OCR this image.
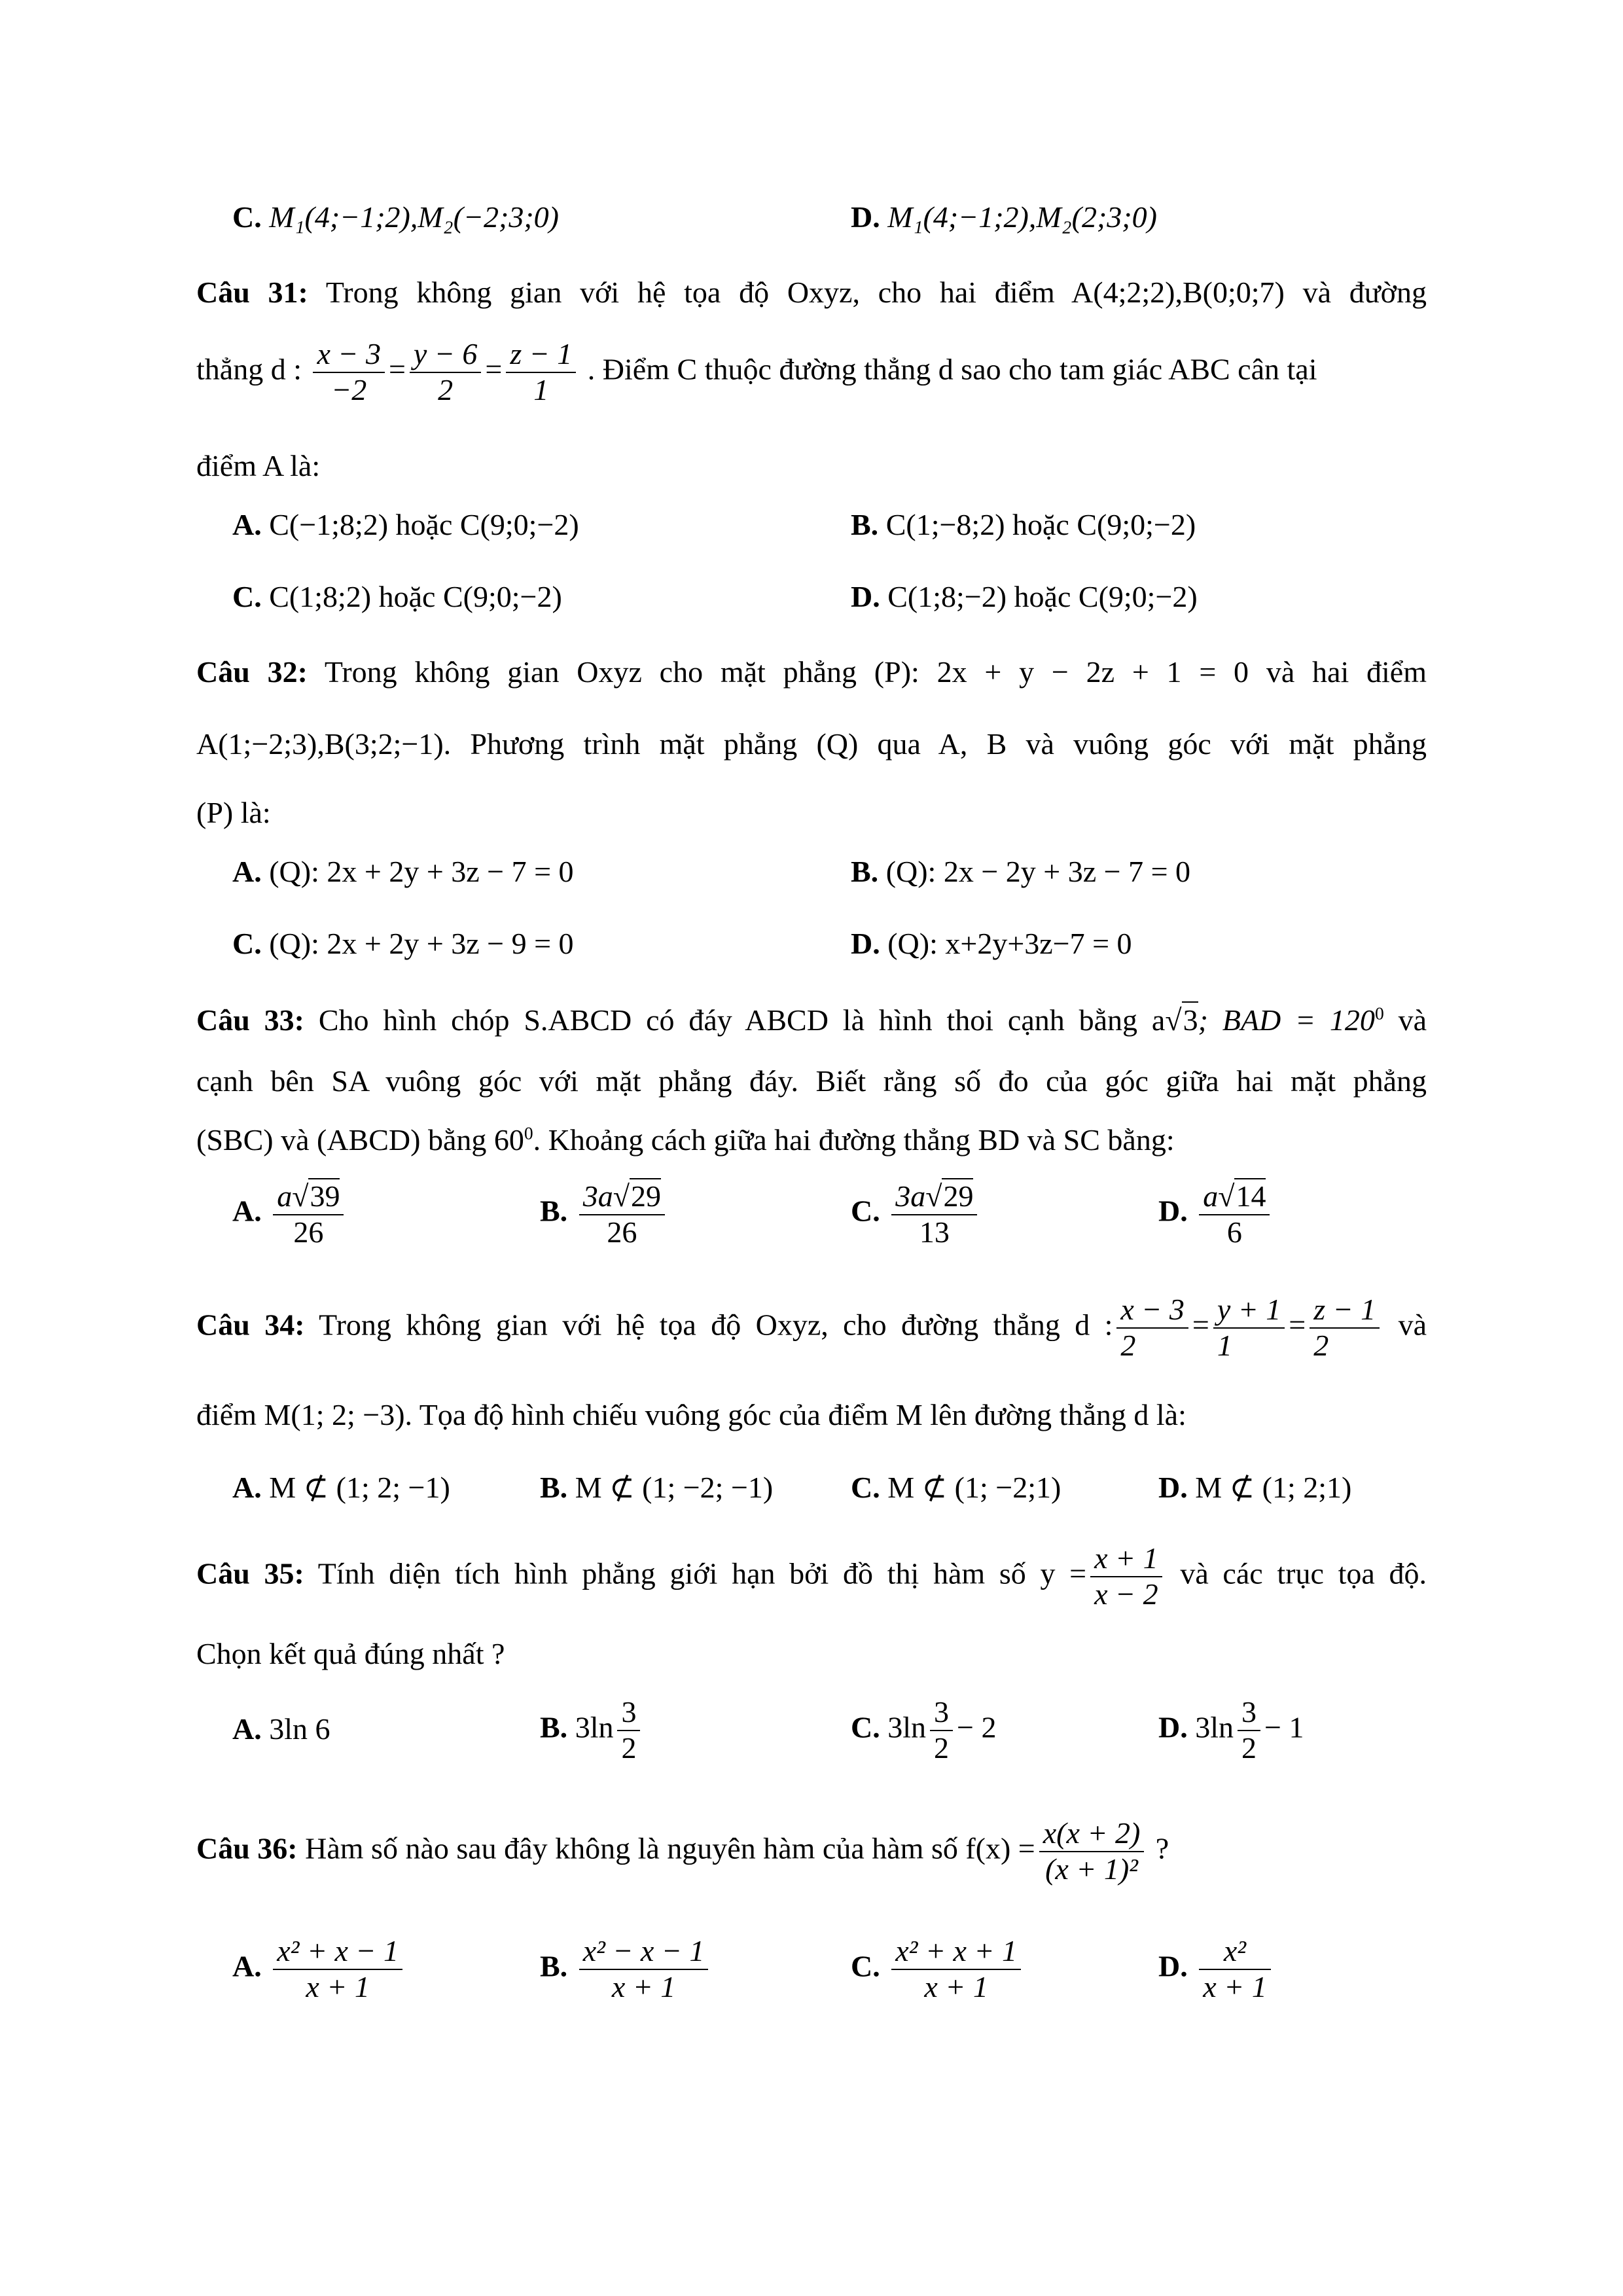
C. M₁(4;−1;2),M₂(−2;3;0)	D. M₁(4;−1;2),M₂(2;3;0)
Câu 31: Trong không gian với hệ tọa độ Oxyz, cho hai điểm A(4;2;2),B(0;0;7) và đường
thẳng d : $\frac{x - 3}{-2} = \frac{y - 6}{2} = \frac{z - 1}{1}$ . Điểm C thuộc đường thẳng d sao cho tam giác ABC cân tại
điểm A là:
A. C(−1;8;2) hoặc C(9;0;−2)	B. C(1;−8;2) hoặc C(9;0;−2)
C. C(1;8;2) hoặc C(9;0;−2)	D. C(1;8;−2) hoặc C(9;0;−2)
Câu 32: Trong không gian Oxyz cho mặt phẳng (P): 2x + y − 2z + 1 = 0 và hai điểm
A(1;−2;3),B(3;2;−1). Phương trình mặt phẳng (Q) qua A, B và vuông góc với mặt phẳng
(P) là:
A. (Q): 2x + 2y + 3z − 7 = 0	B. (Q): 2x − 2y + 3z − 7 = 0
C. (Q): 2x + 2y + 3z − 9 = 0	D. (Q): x+2y+3z−7 = 0
Câu 33: Cho hình chóp S.ABCD có đáy ABCD là hình thoi cạnh bằng a√3; BAD = $120^0$ và
cạnh bên SA vuông góc với mặt phẳng đáy. Biết rằng số đo của góc giữa hai mặt phẳng
(SBC) và (ABCD) bằng $60^0$. Khoảng cách giữa hai đường thẳng BD và SC bằng:
A. $\frac{a√39}{26}$	B. $\frac{3a√29}{26}$	C. $\frac{3a√29}{13}$	D. $\frac{a√14}{6}$
Câu 34: Trong không gian với hệ tọa độ Oxyz, cho đường thẳng d : $\frac{x - 3}{2} = \frac{y + 1}{1} = \frac{z - 1}{2}$ và
điểm M(1; 2; −3). Tọa độ hình chiếu vuông góc của điểm M lên đường thẳng d là:
A. M ⊄ (1; 2; −1)	B. M ⊄ (1; −2; −1)	C. M ⊄ (1; −2;1)	D. M ⊄ (1; 2;1)
Câu 35: Tính diện tích hình phẳng giới hạn bởi đồ thị hàm số $y = \frac{x + 1}{x - 2}$ và các trục tọa độ.
Chọn kết quả đúng nhất ?
A. 3ln 6	B. $3\ln \frac{3}{2}$	C. $3\ln \frac{3}{2} - 2$	D. $3\ln \frac{3}{2} - 1$
Câu 36: Hàm số nào sau đây không là nguyên hàm của hàm số $f(x) = \frac{x(x + 2)}{\text{(x + 1)²}}$ ?
A. $\frac{\text{x² + x − 1}}{x + 1}$	B. $\frac{\text{x² − x − 1}}{x + 1}$	C. $\frac{\text{x² + x + 1}}{x + 1}$	D. $\frac{\text{x²}}{x + 1}$
